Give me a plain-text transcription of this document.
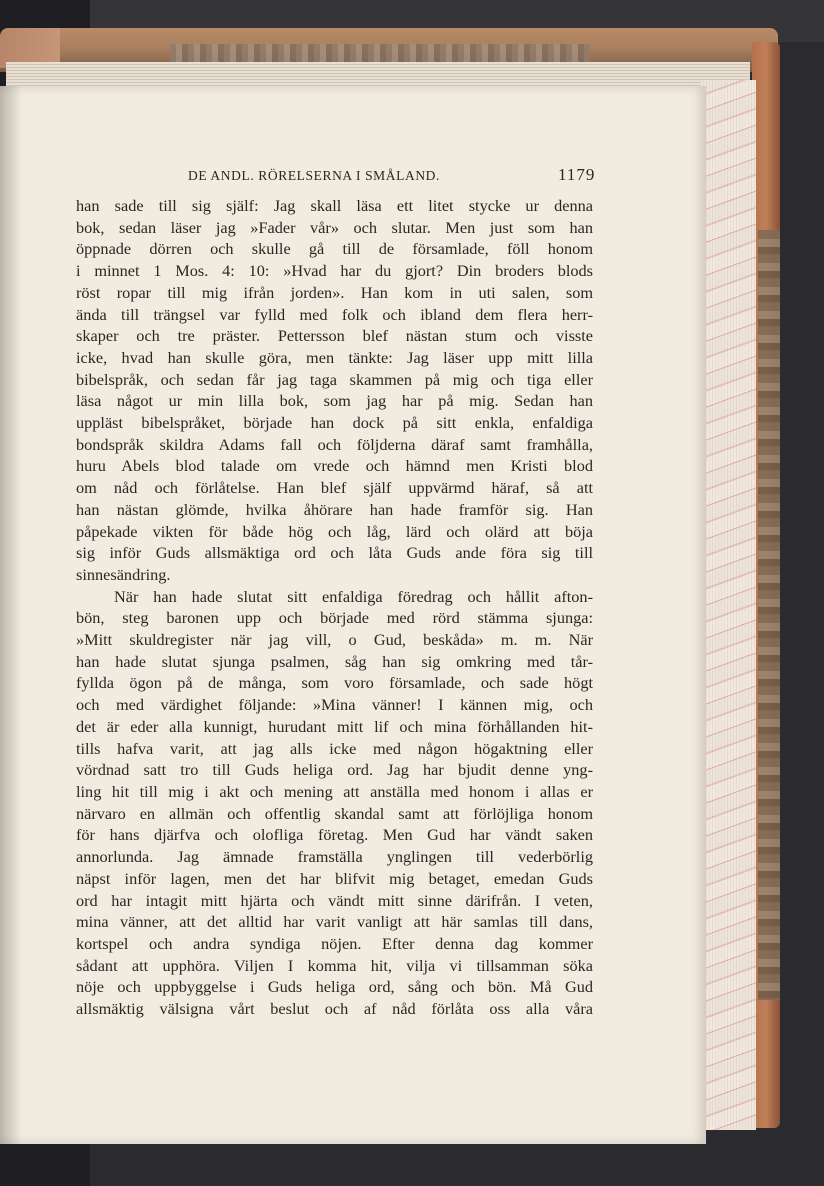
DE ANDL. RÖRELSERNA I SMÅLAND.	1179
han sade till sig själf: Jag skall läsa ett litet stycke ur denna
bok, sedan läser jag »Fader vår» och slutar. Men just som han
öppnade dörren och skulle gå till de församlade, föll honom
i minnet 1 Mos. 4: 10: »Hvad har du gjort? Din broders blods
röst ropar till mig ifrån jorden». Han kom in uti salen, som
ända till trängsel var fylld med folk och ibland dem flera herr-
skaper och tre präster. Pettersson blef nästan stum och visste
icke, hvad han skulle göra, men tänkte: Jag läser upp mitt lilla
bibelspråk, och sedan får jag taga skammen på mig och tiga eller
läsa något ur min lilla bok, som jag har på mig. Sedan han
uppläst bibelspråket, började han dock på sitt enkla, enfaldiga
bondspråk skildra Adams fall och följderna däraf samt framhålla,
huru Abels blod talade om vrede och hämnd men Kristi blod
om nåd och förlåtelse. Han blef själf uppvärmd häraf, så att
han nästan glömde, hvilka åhörare han hade framför sig. Han
påpekade vikten för både hög och låg, lärd och olärd att böja
sig inför Guds allsmäktiga ord och låta Guds ande föra sig till
sinnesändring.
När han hade slutat sitt enfaldiga föredrag och hållit afton-
bön, steg baronen upp och började med rörd stämma sjunga:
»Mitt skuldregister när jag vill, o Gud, beskåda» m. m. När
han hade slutat sjunga psalmen, såg han sig omkring med tår-
fyllda ögon på de många, som voro församlade, och sade högt
och med värdighet följande: »Mina vänner! I kännen mig, och
det är eder alla kunnigt, hurudant mitt lif och mina förhållanden hit-
tills hafva varit, att jag alls icke med någon högaktning eller
vördnad satt tro till Guds heliga ord. Jag har bjudit denne yng-
ling hit till mig i akt och mening att anställa med honom i allas er
närvaro en allmän och offentlig skandal samt att förlöjliga honom
för hans djärfva och olofliga företag. Men Gud har vändt saken
annorlunda. Jag ämnade framställa ynglingen till vederbörlig
näpst inför lagen, men det har blifvit mig betaget, emedan Guds
ord har intagit mitt hjärta och vändt mitt sinne därifrån. I veten,
mina vänner, att det alltid har varit vanligt att här samlas till dans,
kortspel och andra syndiga nöjen. Efter denna dag kommer
sådant att upphöra. Viljen I komma hit, vilja vi tillsamman söka
nöje och uppbyggelse i Guds heliga ord, sång och bön. Må Gud
allsmäktig välsigna vårt beslut och af nåd förlåta oss alla våra
